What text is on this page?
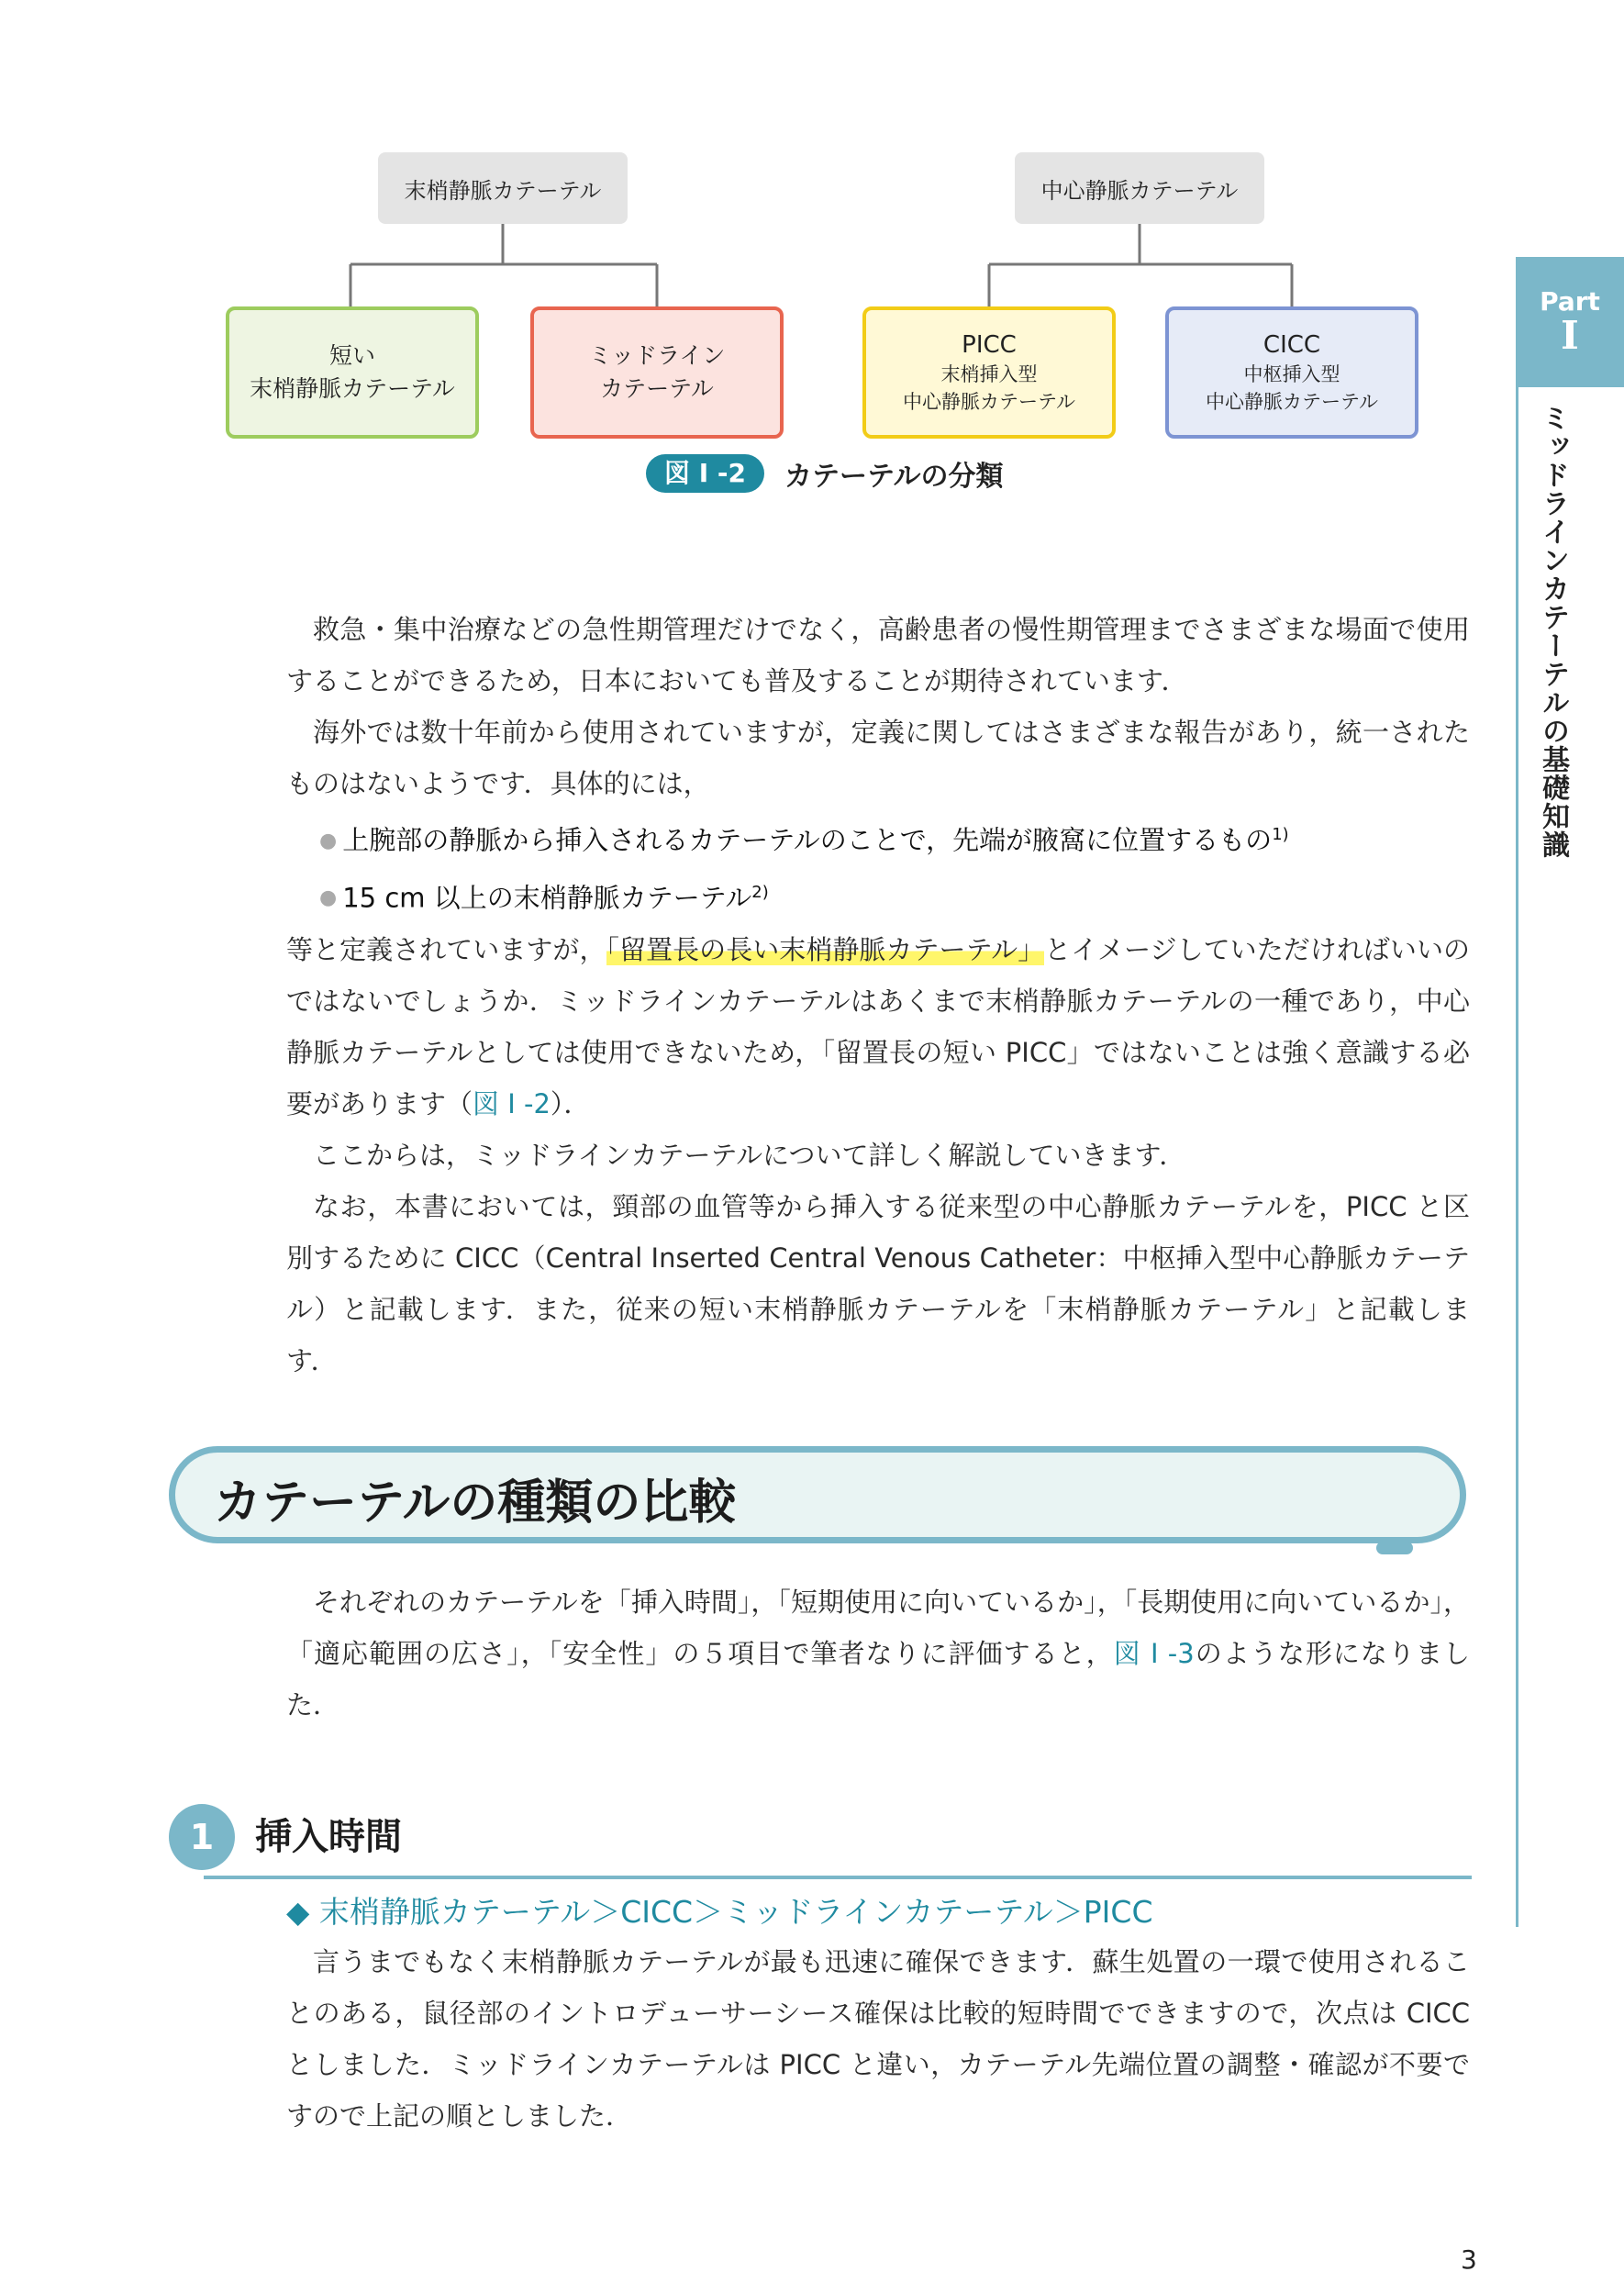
末梢静脈カテーテル	中心静脈カテーテル
短い
末梢静脈カテーテル
ミッドライン
カテーテル
PICC
末梢挿入型
中心静脈カテーテル
CICC
中枢挿入型
中心静脈カテーテル
図 I -2	カテーテルの分類
Part
I
ミッドラインカテーテルの基礎知識

救急・集中治療などの急性期管理だけでなく，高齢患者の慢性期管理までさまざまな場面で使用することができるため，日本においても普及することが期待されています．

海外では数十年前から使用されていますが，定義に関してはさまざまな報告があり，統一されたものはないようです．具体的には，

● 上腕部の静脈から挿入されるカテーテルのことで，先端が腋窩に位置するもの$^{1)}$

● 15 cm 以上の末梢静脈カテーテル$^{2)}$

等と定義されていますが，「留置長の長い末梢静脈カテーテル」とイメージしていただければいいのではないでしょうか．ミッドラインカテーテルはあくまで末梢静脈カテーテルの一種であり，中心静脈カテーテルとしては使用できないため，「留置長の短い PICC」ではないことは強く意識する必要があります（図 I -2）．

ここからは，ミッドラインカテーテルについて詳しく解説していきます．

なお，本書においては，頸部の血管等から挿入する従来型の中心静脈カテーテルを，PICC と区別するために CICC（Central Inserted Central Venous Catheter：中枢挿入型中心静脈カテーテル）と記載します．また，従来の短い末梢静脈カテーテルを「末梢静脈カテーテル」と記載します．

カテーテルの種類の比較

それぞれのカテーテルを「挿入時間」，「短期使用に向いているか」，「長期使用に向いているか」，「適応範囲の広さ」，「安全性」の５項目で筆者なりに評価すると，図 I -3のような形になりました．

1	挿入時間
◆ 末梢静脈カテーテル＞CICC＞ミッドラインカテーテル＞PICC

言うまでもなく末梢静脈カテーテルが最も迅速に確保できます．蘇生処置の一環で使用されることのある，鼠径部のイントロデューサーシース確保は比較的短時間でできますので，次点は CICC としました．ミッドラインカテーテルは PICC と違い，カテーテル先端位置の調整・確認が不要ですので上記の順としました．

3
